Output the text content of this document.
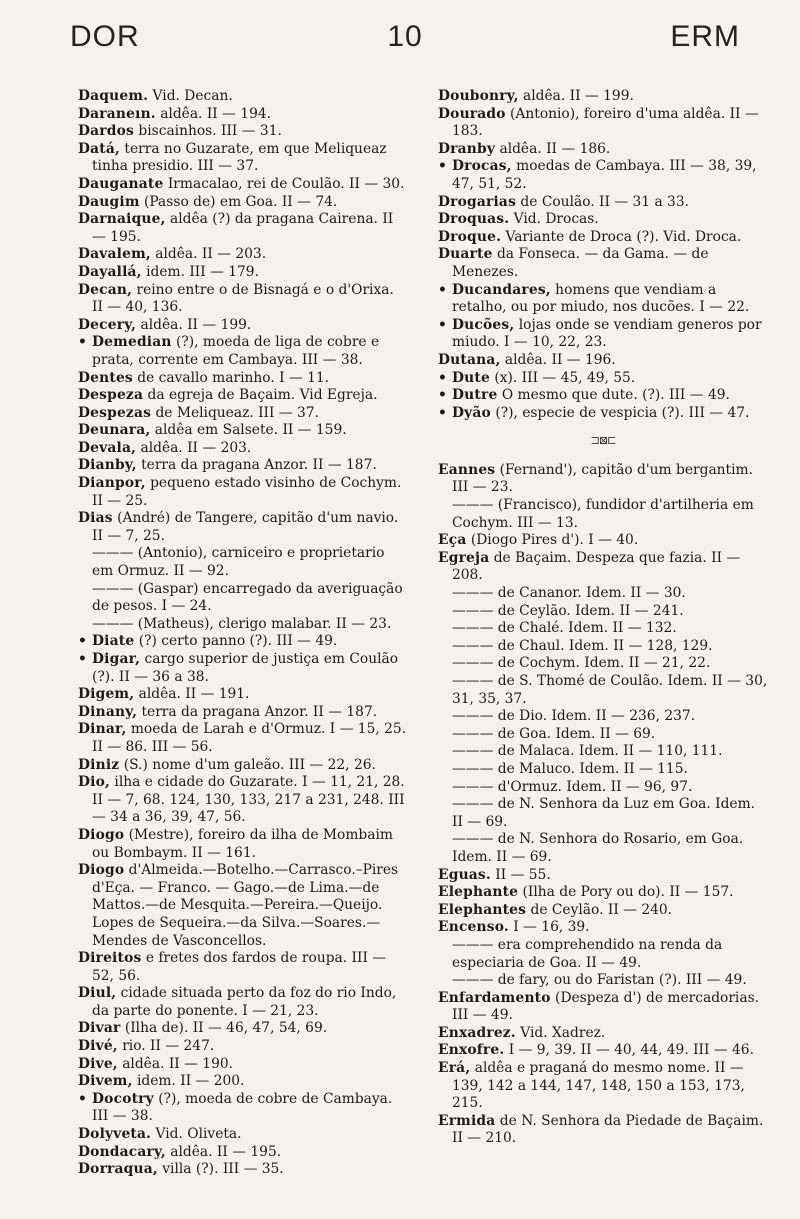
DOR	10	ERM

Daquem. Vid. Decan.

Daraneın. aldêa. II — 194.

Dardos biscainhos. III — 31.

Datá, terra no Guzarate, em que Meliqueaz tinha presidio. III — 37.

Dauganate Irmacalao, rei de Coulão. II — 30.

Daugim (Passo de) em Goa. II — 74.

Darnaique, aldêa (?) da pragana Cairena. II — 195.

Davalem, aldêa. II — 203.

Dayallá, idem. III — 179.

Decan, reino entre o de Bisnagá e o d'Orixa. II — 40, 136.

Decery, aldêa. II — 199.

• Demedian (?), moeda de liga de cobre e prata, corrente em Cambaya. III — 38.

Dentes de cavallo marinho. I — 11.

Despeza da egreja de Baçaim. Vid Egreja.

Despezas de Meliqueaz. III — 37.

Deunara, aldêa em Salsete. II — 159.

Devala, aldêa. II — 203.

Dianby, terra da pragana Anzor. II — 187.

Dianpor, pequeno estado visinho de Cochym. II — 25.

Dias (André) de Tangere, capitão d'um navio. II — 7, 25.

——— (Antonio), carniceiro e proprietario em Ormuz. II — 92.

——— (Gaspar) encarregado da averiguação de pesos. I — 24.

——— (Matheus), clerigo malabar. II — 23.

• Diate (?) certo panno (?). III — 49.

• Digar, cargo superior de justiça em Coulão (?). II — 36 a 38.

Digem, aldêa. II — 191.

Dinany, terra da pragana Anzor. II — 187.

Dinar, moeda de Larah e d'Ormuz. I — 15, 25. II — 86. III — 56.

Diniz (S.) nome d'um galeão. III — 22, 26.

Dio, ilha e cidade do Guzarate. I — 11, 21, 28. II — 7, 68. 124, 130, 133, 217 a 231, 248. III — 34 a 36, 39, 47, 56.

Diogo (Mestre), foreiro da ilha de Mombaim ou Bombaym. II — 161.

Diogo d'Almeida.—Botelho.—Carrasco.–Pires d'Eça. — Franco. — Gago.—de Lima.—de Mattos.—de Mesquita.—Pereira.—Queijo. Lopes de Sequeira.—da Silva.—Soares.—Mendes de Vasconcellos.

Direitos e fretes dos fardos de roupa. III — 52, 56.

Diul, cidade situada perto da foz do rio Indo, da parte do ponente. I — 21, 23.

Divar (Ilha de). II — 46, 47, 54, 69.

Divé, rio. II — 247.

Dive, aldêa. II — 190.

Divem, idem. II — 200.

• Docotry (?), moeda de cobre de Cambaya. III — 38.

Dolyveta. Vid. Oliveta.

Dondacary, aldêa. II — 195.

Dorraqua, villa (?). III — 35.

Doubonry, aldêa. II — 199.

Dourado (Antonio), foreiro d'uma aldêa. II — 183.

Dranby aldêa. II — 186.

• Drocas, moedas de Cambaya. III — 38, 39, 47, 51, 52.

Drogarias de Coulão. II — 31 a 33.

Droquas. Vid. Drocas.

Droque. Variante de Droca (?). Vid. Droca.

Duarte da Fonseca. — da Gama. — de Menezes.

• Ducandares, homens que vendiam a retalho, ou por miudo, nos ducões. I — 22.

• Ducões, lojas onde se vendiam generos por miudo. I — 10, 22, 23.

Dutana, aldêa. II — 196.

• Dute (x). III — 45, 49, 55.

• Dutre O mesmo que dute. (?). III — 49.

• Dyão (?), especie de vespicia (?). III — 47.

⊐⊠⊏

Eannes (Fernand'), capitão d'um bergantim. III — 23.

——— (Francisco), fundidor d'artilheria em Cochym. III — 13.

Eça (Diogo Pires d'). I — 40.

Egreja de Baçaim. Despeza que fazia. II — 208.

——— de Cananor. Idem. II — 30.

——— de Ceylão. Idem. II — 241.

——— de Chalé. Idem. II — 132.

——— de Chaul. Idem. II — 128, 129.

——— de Cochym. Idem. II — 21, 22.

——— de S. Thomé de Coulão. Idem. II — 30, 31, 35, 37.

——— de Dio. Idem. II — 236, 237.

——— de Goa. Idem. II — 69.

——— de Malaca. Idem. II — 110, 111.

——— de Maluco. Idem. II — 115.

——— d'Ormuz. Idem. II — 96, 97.

——— de N. Senhora da Luz em Goa. Idem. II — 69.

——— de N. Senhora do Rosario, em Goa. Idem. II — 69.

Eguas. II — 55.

Elephante (Ilha de Pory ou do). II — 157.

Elephantes de Ceylão. II — 240.

Encenso. I — 16, 39.

——— era comprehendido na renda da especiaria de Goa. II — 49.

——— de fary, ou do Faristan (?). III — 49.

Enfardamento (Despeza d') de mercadorias. III — 49.

Enxadrez. Vid. Xadrez.

Enxofre. I — 9, 39. II — 40, 44, 49. III — 46.

Erá, aldêa e praganá do mesmo nome. II — 139, 142 a 144, 147, 148, 150 a 153, 173, 215.

Ermida de N. Senhora da Piedade de Baçaim. II — 210.
